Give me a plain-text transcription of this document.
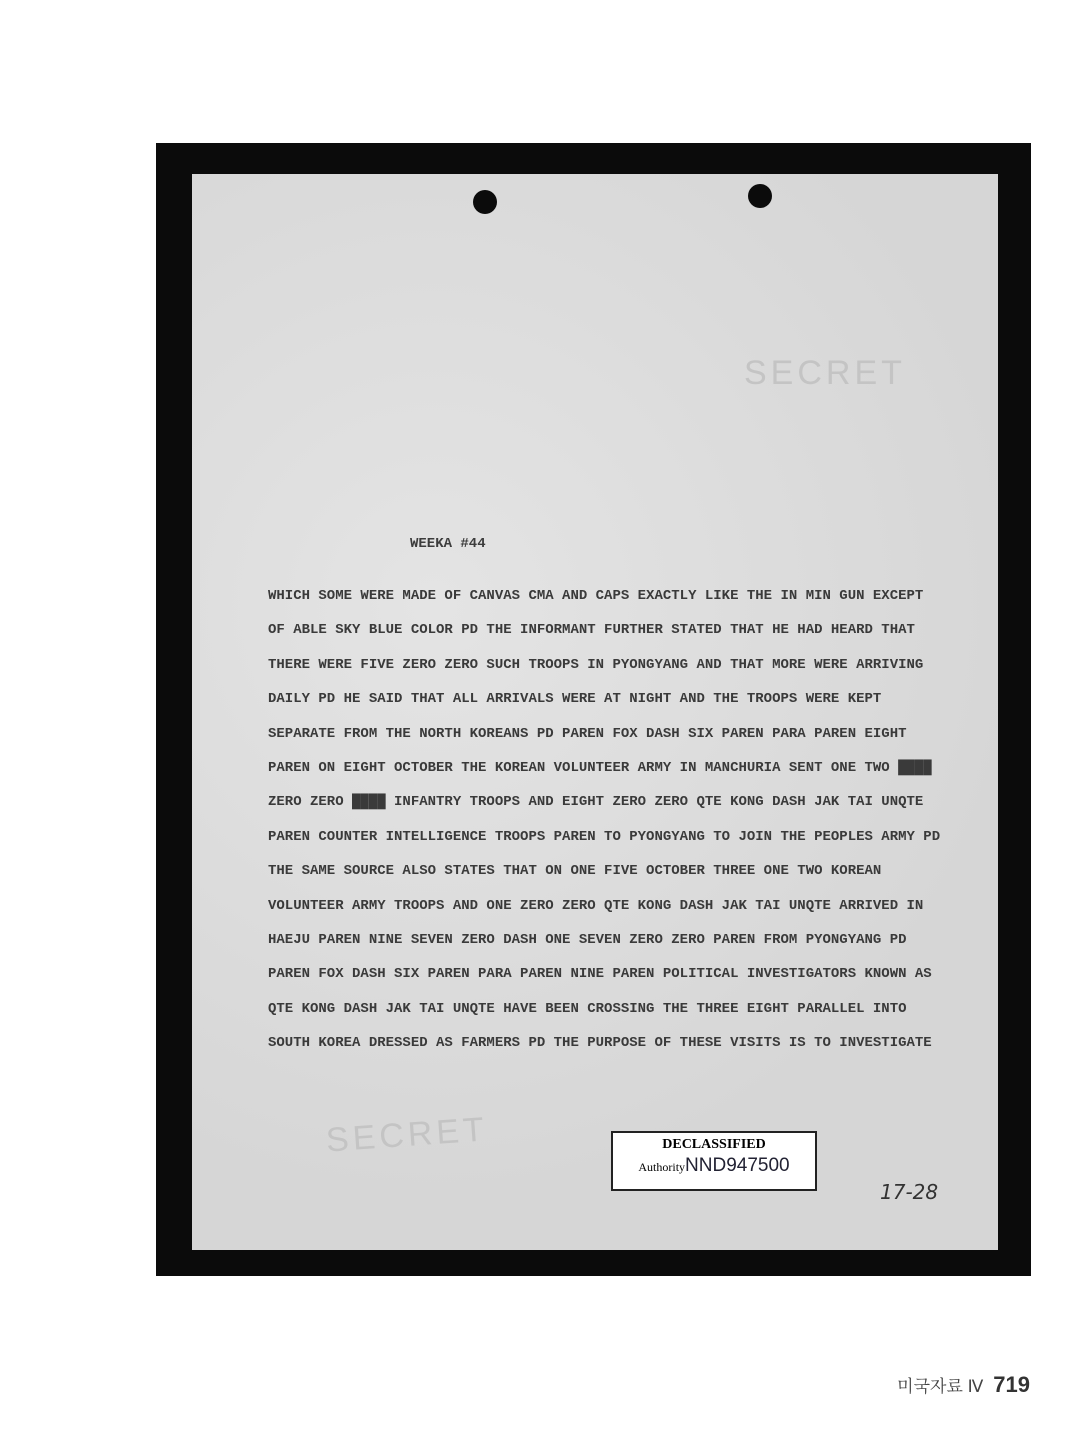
SECRET
SECRET
WEEKA #44
WHICH SOME WERE MADE OF CANVAS CMA AND CAPS EXACTLY LIKE THE IN MIN GUN EXCEPT
OF ABLE SKY BLUE COLOR PD THE INFORMANT FURTHER STATED THAT HE HAD HEARD THAT
THERE WERE FIVE ZERO ZERO SUCH TROOPS IN PYONGYANG AND THAT MORE WERE ARRIVING
DAILY PD HE SAID THAT ALL ARRIVALS WERE AT NIGHT AND THE TROOPS WERE KEPT
SEPARATE FROM THE NORTH KOREANS PD PAREN FOX DASH SIX PAREN PARA PAREN EIGHT
PAREN ON EIGHT OCTOBER THE KOREAN VOLUNTEER ARMY IN MANCHURIA SENT ONE TWO ████
ZERO ZERO ████ INFANTRY TROOPS AND EIGHT ZERO ZERO QTE KONG DASH JAK TAI UNQTE
PAREN COUNTER INTELLIGENCE TROOPS PAREN TO PYONGYANG TO JOIN THE PEOPLES ARMY PD
THE SAME SOURCE ALSO STATES THAT ON ONE FIVE OCTOBER THREE ONE TWO KOREAN
VOLUNTEER ARMY TROOPS AND ONE ZERO ZERO QTE KONG DASH JAK TAI UNQTE ARRIVED IN
HAEJU PAREN NINE SEVEN ZERO DASH ONE SEVEN ZERO ZERO PAREN FROM PYONGYANG PD
PAREN FOX DASH SIX PAREN PARA PAREN NINE PAREN POLITICAL INVESTIGATORS KNOWN AS
QTE KONG DASH JAK TAI UNQTE HAVE BEEN CROSSING THE THREE EIGHT PARALLEL INTO
SOUTH KOREA DRESSED AS FARMERS PD THE PURPOSE OF THESE VISITS IS TO INVESTIGATE
DECLASSIFIED
AuthorityNND947500
17-28
미국자료 Ⅳ 719
